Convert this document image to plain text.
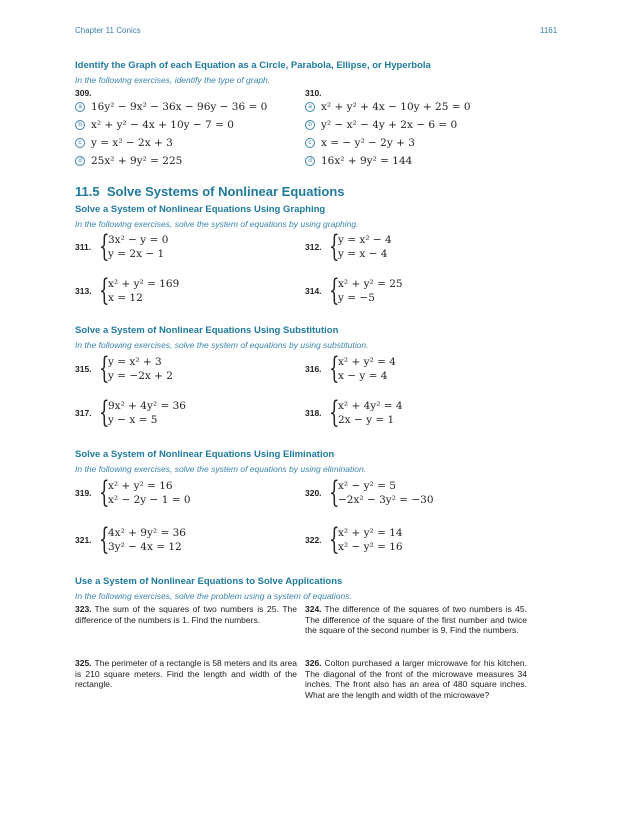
Chapter 11 Conics	1161
Identify the Graph of each Equation as a Circle, Parabola, Ellipse, or Hyperbola
In the following exercises, identify the type of graph.
309.
a 16y² − 9x² − 36x − 96y − 36 = 0
b x² + y² − 4x + 10y − 7 = 0
c y = x² − 2x + 3
d 25x² + 9y² = 225
310.
a x² + y² + 4x − 10y + 25 = 0
b y² − x² − 4y + 2x − 6 = 0
c x = − y² − 2y + 3
d 16x² + 9y² = 144
11.5 Solve Systems of Nonlinear Equations
Solve a System of Nonlinear Equations Using Graphing
In the following exercises, solve the system of equations by using graphing.
311. {
3x² − y = 0
y = 2x − 1
312. {
y = x² − 4
y = x − 4
313. {
x² + y² = 169
x = 12
314. {
x² + y² = 25
y = −5
Solve a System of Nonlinear Equations Using Substitution
In the following exercises, solve the system of equations by using substitution.
315. {
y = x² + 3
y = −2x + 2
316. {
x² + y² = 4
x − y = 4
317. {
9x² + 4y² = 36
y − x = 5
318. {
x² + 4y² = 4
2x − y = 1
Solve a System of Nonlinear Equations Using Elimination
In the following exercises, solve the system of equations by using elimination.
319. {
x² + y² = 16
x² − 2y − 1 = 0
320. {
x² − y² = 5
−2x² − 3y² = −30
321. {
4x² + 9y² = 36
3y² − 4x = 12
322. {
x² + y² = 14
x² − y² = 16
Use a System of Nonlinear Equations to Solve Applications
In the following exercises, solve the problem using a system of equations.
323. The sum of the squares of two numbers is 25. The difference of the numbers is 1. Find the numbers.
324. The difference of the squares of two numbers is 45. The difference of the square of the first number and twice the square of the second number is 9. Find the numbers.
325. The perimeter of a rectangle is 58 meters and its area is 210 square meters. Find the length and width of the rectangle.
326. Colton purchased a larger microwave for his kitchen. The diagonal of the front of the microwave measures 34 inches. The front also has an area of 480 square inches. What are the length and width of the microwave?
